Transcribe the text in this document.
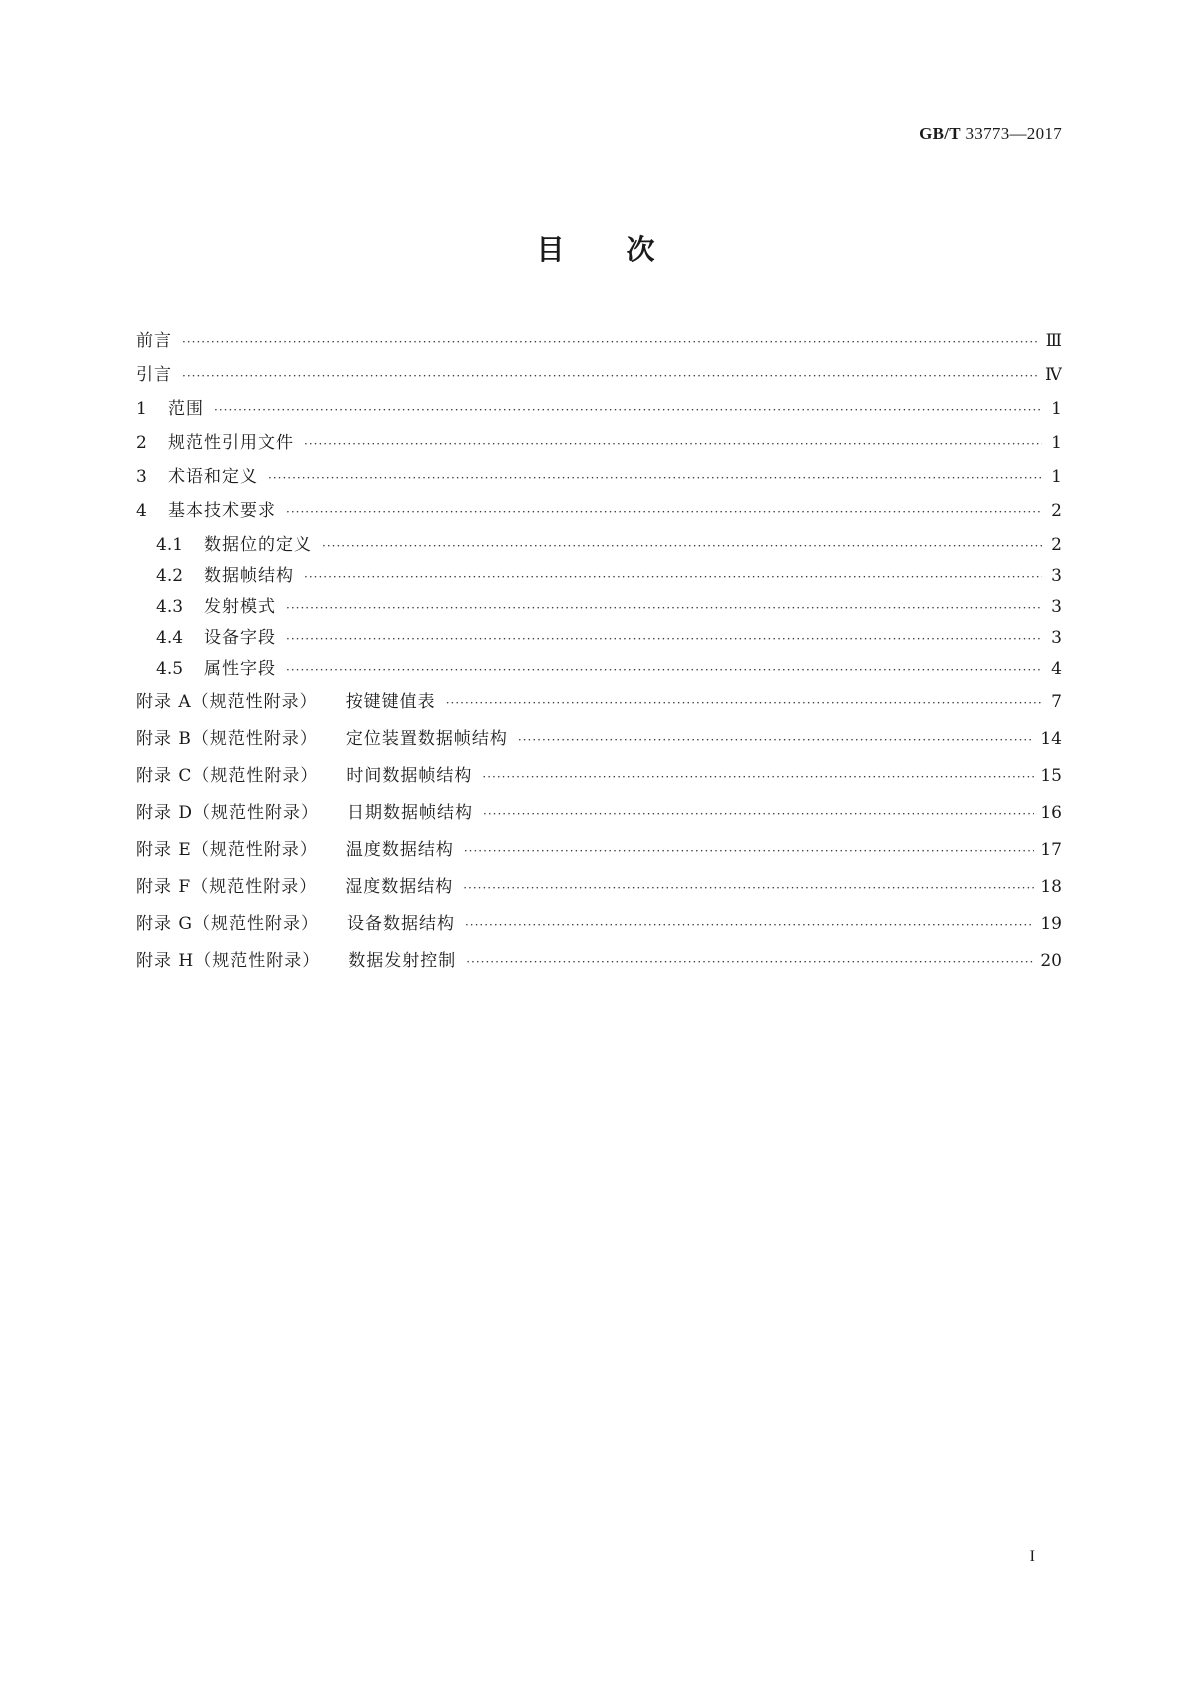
GB/T 33773—2017
目次
前言 ·····	Ⅲ
引言 ·····	Ⅳ
1	范围 ·····	1
2	规范性引用文件 ·····	1
3	术语和定义 ·····	1
4	基本技术要求 ·····	2
4.1	数据位的定义 ·····	2
4.2	数据帧结构 ·····	3
4.3	发射模式 ·····	3
4.4	设备字段 ·····	3
4.5	属性字段 ·····	4
附录 A（规范性附录） 按键键值表 ·····	7
附录 B（规范性附录） 定位装置数据帧结构 ·····	14
附录 C（规范性附录） 时间数据帧结构 ·····	15
附录 D（规范性附录） 日期数据帧结构 ·····	16
附录 E（规范性附录） 温度数据结构 ·····	17
附录 F（规范性附录） 湿度数据结构 ·····	18
附录 G（规范性附录） 设备数据结构 ·····	19
附录 H（规范性附录） 数据发射控制 ·····	20
I
